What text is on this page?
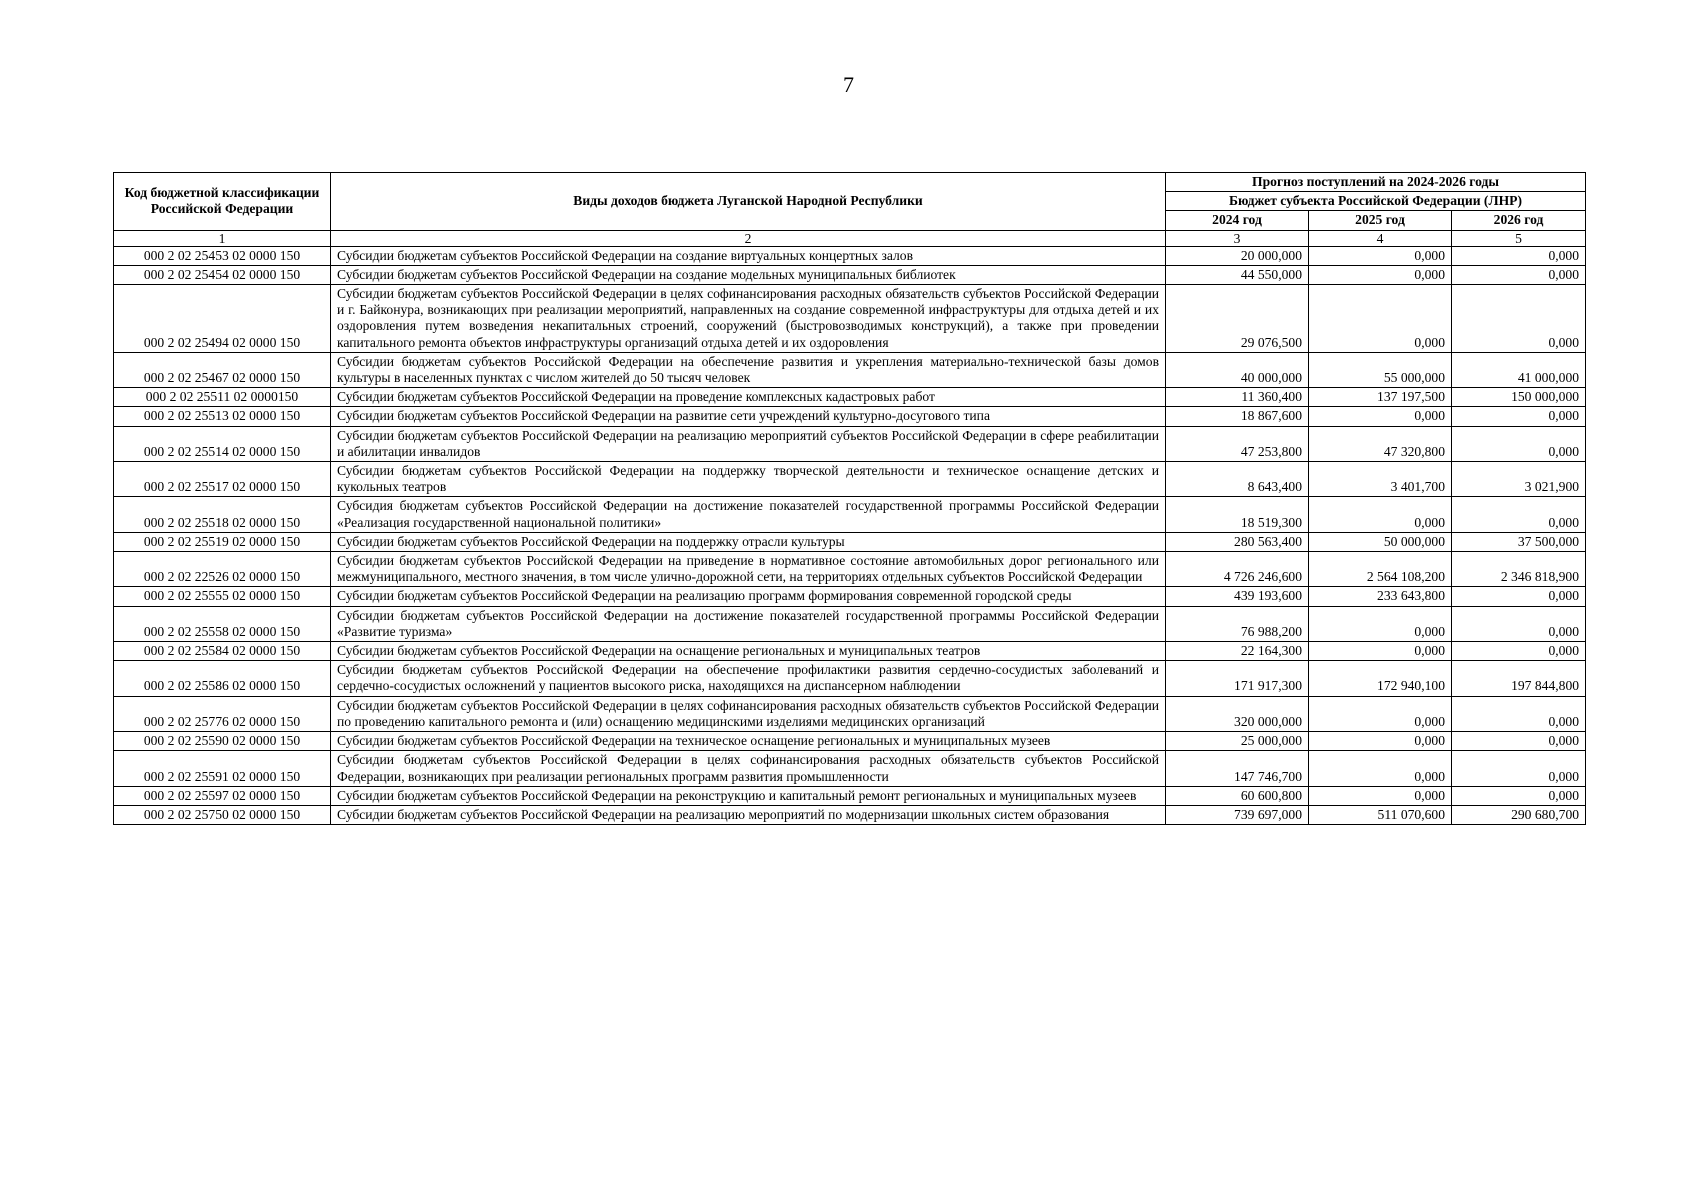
7
Код бюджетной классификации Российской Федерации	Виды доходов бюджета Луганской Народной Республики	Прогноз поступлений на 2024-2026 годы		
		Бюджет субъекта Российской Федерации (ЛНР)		
		2024 год	2025 год	2026 год
1	2	3	4	5
000 2 02 25453 02 0000 150	Субсидии бюджетам субъектов Российской Федерации на создание виртуальных концертных залов	20 000,000	0,000	0,000
000 2 02 25454 02 0000 150	Субсидии бюджетам субъектов Российской Федерации на создание модельных муниципальных библиотек	44 550,000	0,000	0,000
000 2 02 25494 02 0000 150	Субсидии бюджетам субъектов Российской Федерации в целях софинансирования расходных обязательств субъектов Российской Федерации и г. Байконура, возникающих при реализации мероприятий, направленных на создание современной инфраструктуры для отдыха детей и их оздоровления путем возведения некапитальных строений, сооружений (быстровозводимых конструкций), а также при проведении капитального ремонта объектов инфраструктуры организаций отдыха детей и их оздоровления	29 076,500	0,000	0,000
000 2 02 25467 02 0000 150	Субсидии бюджетам субъектов Российской Федерации на обеспечение развития и укрепления материально-технической базы домов культуры в населенных пунктах с числом жителей до 50 тысяч человек	40 000,000	55 000,000	41 000,000
000 2 02 25511 02 0000150	Субсидии бюджетам субъектов Российской Федерации на проведение комплексных кадастровых работ	11 360,400	137 197,500	150 000,000
000 2 02 25513 02 0000 150	Субсидии бюджетам субъектов Российской Федерации на развитие сети учреждений культурно-досугового типа	18 867,600	0,000	0,000
000 2 02 25514 02 0000 150	Субсидии бюджетам субъектов Российской Федерации на реализацию мероприятий субъектов Российской Федерации в сфере реабилитации и абилитации инвалидов	47 253,800	47 320,800	0,000
000 2 02 25517 02 0000 150	Субсидии бюджетам субъектов Российской Федерации на поддержку творческой деятельности и техническое оснащение детских и кукольных театров	8 643,400	3 401,700	3 021,900
000 2 02 25518 02 0000 150	Субсидия бюджетам субъектов Российской Федерации на достижение показателей государственной программы Российской Федерации «Реализация государственной национальной политики»	18 519,300	0,000	0,000
000 2 02 25519 02 0000 150	Субсидии бюджетам субъектов Российской Федерации на поддержку отрасли культуры	280 563,400	50 000,000	37 500,000
000 2 02 22526 02 0000 150	Субсидии бюджетам субъектов Российской Федерации на приведение в нормативное состояние автомобильных дорог регионального или межмуниципального, местного значения, в том числе улично-дорожной сети, на территориях отдельных субъектов Российской Федерации	4 726 246,600	2 564 108,200	2 346 818,900
000 2 02 25555 02 0000 150	Субсидии бюджетам субъектов Российской Федерации на реализацию программ формирования современной городской среды	439 193,600	233 643,800	0,000
000 2 02 25558 02 0000 150	Субсидии бюджетам субъектов Российской Федерации на достижение показателей государственной программы Российской Федерации «Развитие туризма»	76 988,200	0,000	0,000
000 2 02 25584 02 0000 150	Субсидии бюджетам субъектов Российской Федерации на оснащение региональных и муниципальных театров	22 164,300	0,000	0,000
000 2 02 25586 02 0000 150	Субсидии бюджетам субъектов Российской Федерации на обеспечение профилактики развития сердечно-сосудистых заболеваний и сердечно-сосудистых осложнений у пациентов высокого риска, находящихся на диспансерном наблюдении	171 917,300	172 940,100	197 844,800
000 2 02 25776 02 0000 150	Субсидии бюджетам субъектов Российской Федерации в целях софинансирования расходных обязательств субъектов Российской Федерации по проведению капитального ремонта и (или) оснащению медицинскими изделиями медицинских организаций	320 000,000	0,000	0,000
000 2 02 25590 02 0000 150	Субсидии бюджетам субъектов Российской Федерации на техническое оснащение региональных и муниципальных музеев	25 000,000	0,000	0,000
000 2 02 25591 02 0000 150	Субсидии бюджетам субъектов Российской Федерации в целях софинансирования расходных обязательств субъектов Российской Федерации, возникающих при реализации региональных программ развития промышленности	147 746,700	0,000	0,000
000 2 02 25597 02 0000 150	Субсидии бюджетам субъектов Российской Федерации на реконструкцию и капитальный ремонт региональных и муниципальных музеев	60 600,800	0,000	0,000
000 2 02 25750 02 0000 150	Субсидии бюджетам субъектов Российской Федерации на реализацию мероприятий по модернизации школьных систем образования	739 697,000	511 070,600	290 680,700
